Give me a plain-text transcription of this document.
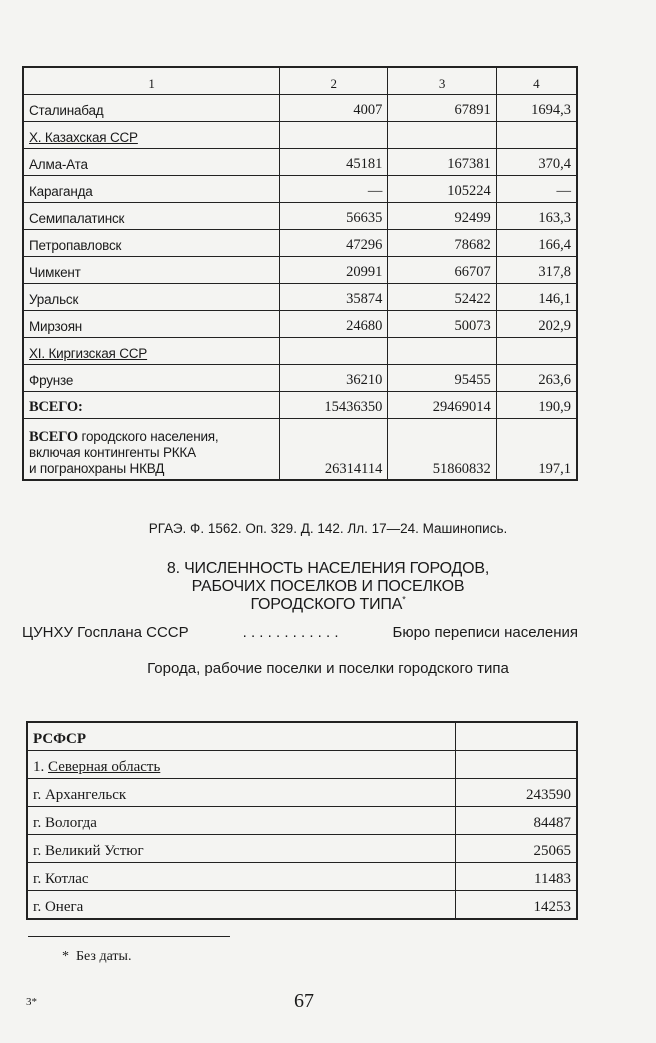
1	2	3	4
Сталинабад	4007	67891	1694,3
X. Казахская ССР			
Алма-Ата	45181	167381	370,4
Караганда	—	105224	—
Семипалатинск	56635	92499	163,3
Петропавловск	47296	78682	166,4
Чимкент	20991	66707	317,8
Уральск	35874	52422	146,1
Мирзоян	24680	50073	202,9
XI. Киргизская ССР			
Фрунзе	36210	95455	263,6
ВСЕГО:	15436350	29469014	190,9
ВСЕГО городского населения,
включая контингенты РККА
и погранохраны НКВД	26314114	51860832	197,1
РГАЭ. Ф. 1562. Оп. 329. Д. 142. Лл. 17—24. Машинопись.
8. ЧИСЛЕННОСТЬ НАСЕЛЕНИЯ ГОРОДОВ,
РАБОЧИХ ПОСЕЛКОВ И ПОСЕЛКОВ
ГОРОДСКОГО ТИПА*
ЦУНХУ Госплана СССР	. . . . . . . . . . . .	Бюро переписи населения
Города, рабочие поселки и поселки городского типа
РСФСР	
1. Северная область	
г. Архангельск	243590
г. Вологда	84487
г. Великий Устюг	25065
г. Котлас	11483
г. Онега	14253
* Без даты.
3*	67
